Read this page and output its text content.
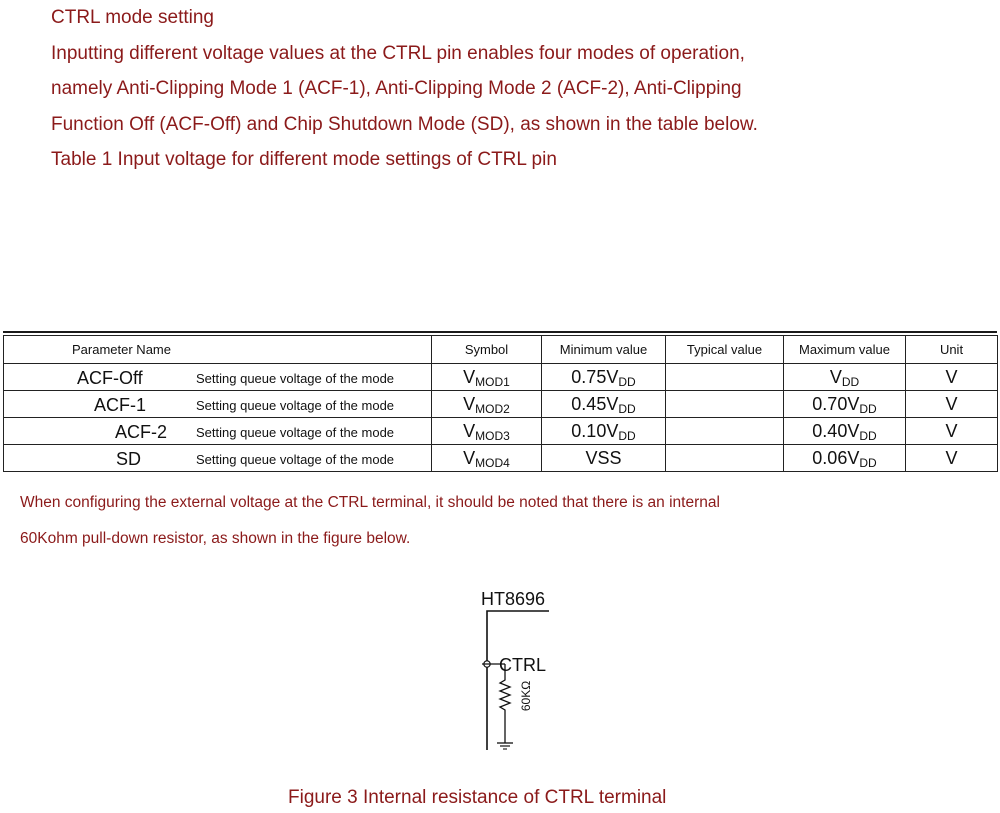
CTRL mode setting
Inputting different voltage values at the CTRL pin enables four modes of operation,
namely Anti-Clipping Mode 1 (ACF-1), Anti-Clipping Mode 2 (ACF-2), Anti-Clipping
Function Off (ACF-Off) and Chip Shutdown Mode (SD), as shown in the table below.
Table 1 Input voltage for different mode settings of CTRL pin
Parameter Name	Symbol	Minimum value	Typical value	Maximum value	Unit

ACF-Off Setting queue voltage of the mode	$V_{MOD1}$	$0.75V_{DD}$		$V_{DD}$	V

ACF-1 Setting queue voltage of the mode	$V_{MOD2}$	$0.45V_{DD}$		$0.70V_{DD}$	V

ACF-2 Setting queue voltage of the mode	$V_{MOD3}$	$0.10V_{DD}$		$0.40V_{DD}$	V

SD Setting queue voltage of the mode	$V_{MOD4}$	VSS		$0.06V_{DD}$	V
When configuring the external voltage at the CTRL terminal, it should be noted that there is an internal
60Kohm pull-down resistor, as shown in the figure below.
HT8696
CTRL
60KΩ
Figure 3 Internal resistance of CTRL terminal
